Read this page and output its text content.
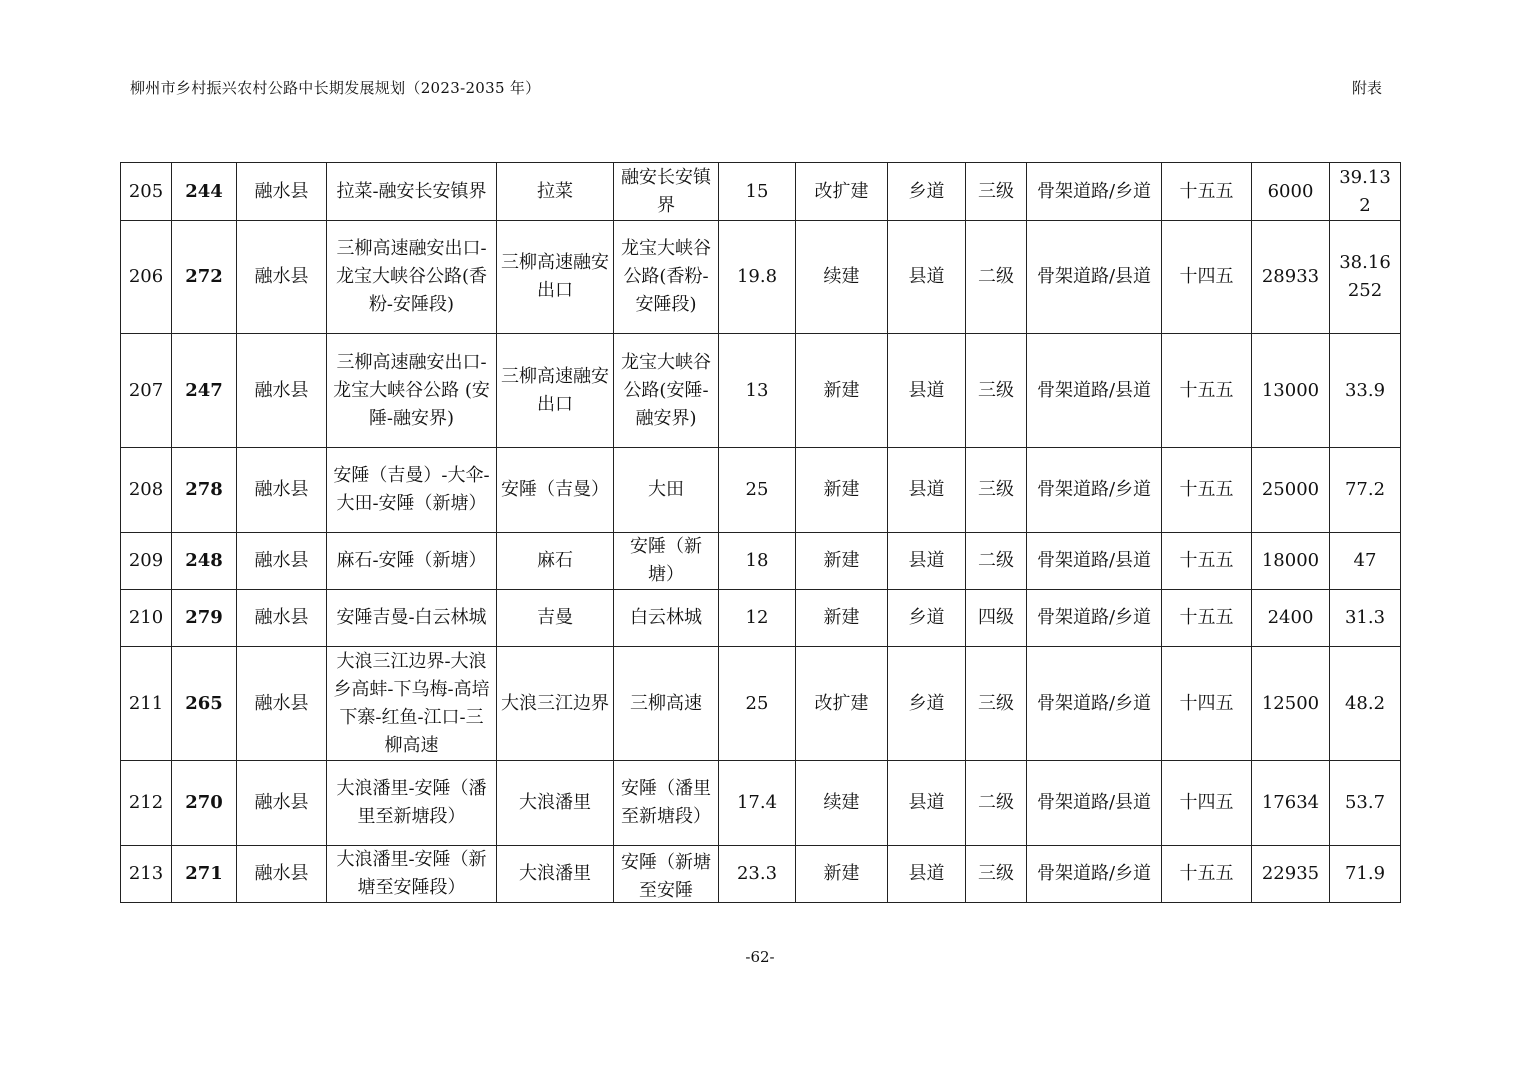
柳州市乡村振兴农村公路中长期发展规划（2023-2035 年）	附表
205	244	融水县	拉菜-融安长安镇界	拉菜	融安长安镇界	15	改扩建	乡道	三级	骨架道路/乡道	十五五	6000	39.132
206	272	融水县	三柳高速融安出口-龙宝大峡谷公路(香粉-安陲段)	三柳高速融安出口	龙宝大峡谷公路(香粉-安陲段)	19.8	续建	县道	二级	骨架道路/县道	十四五	28933	38.16252
207	247	融水县	三柳高速融安出口-龙宝大峡谷公路 (安陲-融安界)	三柳高速融安出口	龙宝大峡谷公路(安陲-融安界)	13	新建	县道	三级	骨架道路/县道	十五五	13000	33.9
208	278	融水县	安陲（吉曼）-大伞-大田-安陲（新塘）	安陲（吉曼）	大田	25	新建	县道	三级	骨架道路/乡道	十五五	25000	77.2
209	248	融水县	麻石-安陲（新塘）	麻石	安陲（新塘）	18	新建	县道	二级	骨架道路/县道	十五五	18000	47
210	279	融水县	安陲吉曼-白云林城	吉曼	白云林城	12	新建	乡道	四级	骨架道路/乡道	十五五	2400	31.3
211	265	融水县	大浪三江边界-大浪乡高蚌-下乌梅-高培下寨-红鱼-江口-三柳高速	大浪三江边界	三柳高速	25	改扩建	乡道	三级	骨架道路/乡道	十四五	12500	48.2
212	270	融水县	大浪潘里-安陲（潘里至新塘段）	大浪潘里	安陲（潘里至新塘段）	17.4	续建	县道	二级	骨架道路/县道	十四五	17634	53.7
213	271	融水县	大浪潘里-安陲（新塘至安陲段）	大浪潘里	安陲（新塘至安陲	23.3	新建	县道	三级	骨架道路/乡道	十五五	22935	71.9
-62-
